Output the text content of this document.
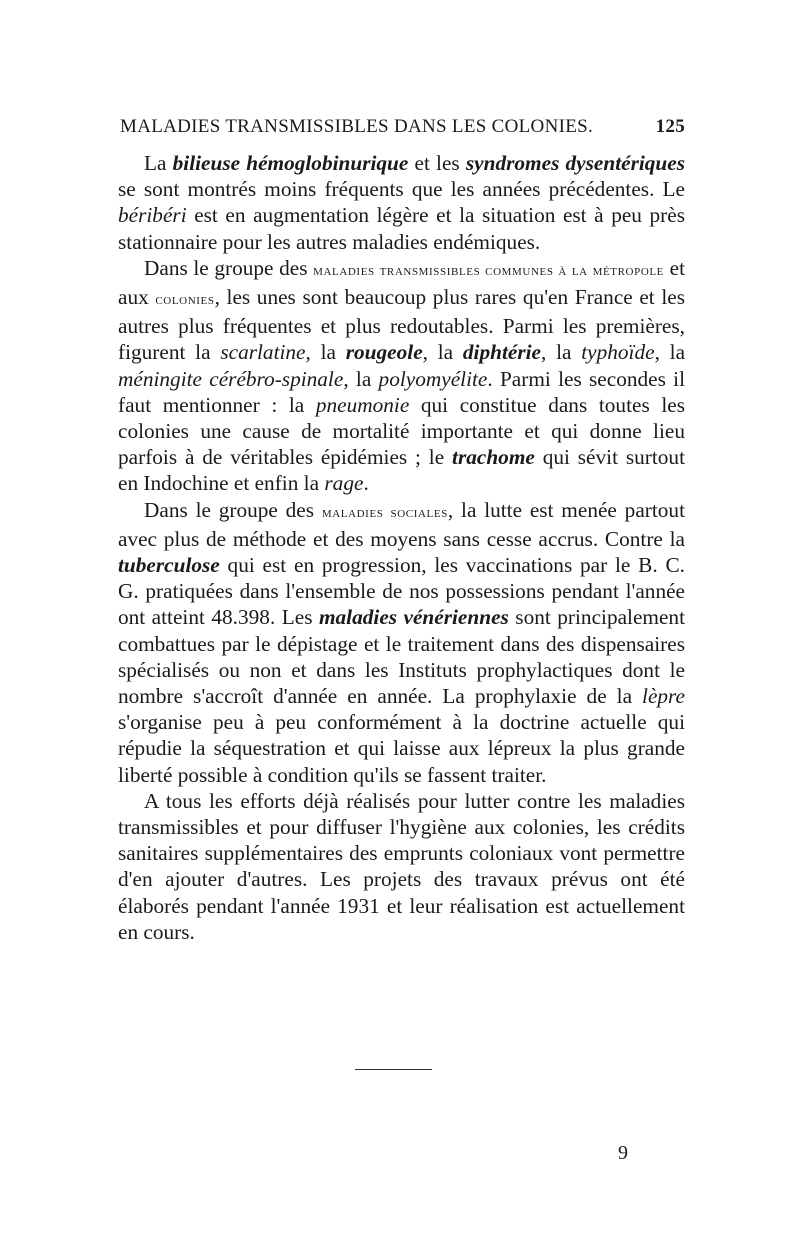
MALADIES TRANSMISSIBLES DANS LES COLONIES.	125

La bilieuse hémoglobinurique et les syndromes dysentériques se sont montrés moins fréquents que les années précédentes. Le béribéri est en augmentation légère et la situation est à peu près stationnaire pour les autres maladies endémiques.

Dans le groupe des maladies transmissibles communes à la métropole et aux colonies, les unes sont beaucoup plus rares qu'en France et les autres plus fréquentes et plus redoutables. Parmi les premières, figurent la scarlatine, la rougeole, la diphtérie, la typhoïde, la méningite cérébro-spinale, la polyomyélite. Parmi les secondes il faut mentionner : la pneumonie qui constitue dans toutes les colonies une cause de mortalité importante et qui donne lieu parfois à de véritables épidémies ; le trachome qui sévit surtout en Indochine et enfin la rage.

Dans le groupe des maladies sociales, la lutte est menée partout avec plus de méthode et des moyens sans cesse accrus. Contre la tuberculose qui est en progression, les vaccinations par le B. C. G. pratiquées dans l'ensemble de nos possessions pendant l'année ont atteint 48.398. Les maladies vénériennes sont principalement combattues par le dépistage et le traitement dans des dispensaires spécialisés ou non et dans les Instituts prophylactiques dont le nombre s'accroît d'année en année. La prophylaxie de la lèpre s'organise peu à peu conformément à la doctrine actuelle qui répudie la séquestration et qui laisse aux lépreux la plus grande liberté possible à condition qu'ils se fassent traiter.

A tous les efforts déjà réalisés pour lutter contre les maladies transmissibles et pour diffuser l'hygiène aux colonies, les crédits sanitaires supplémentaires des emprunts coloniaux vont permettre d'en ajouter d'autres. Les projets des travaux prévus ont été élaborés pendant l'année 1931 et leur réalisation est actuellement en cours.

9
